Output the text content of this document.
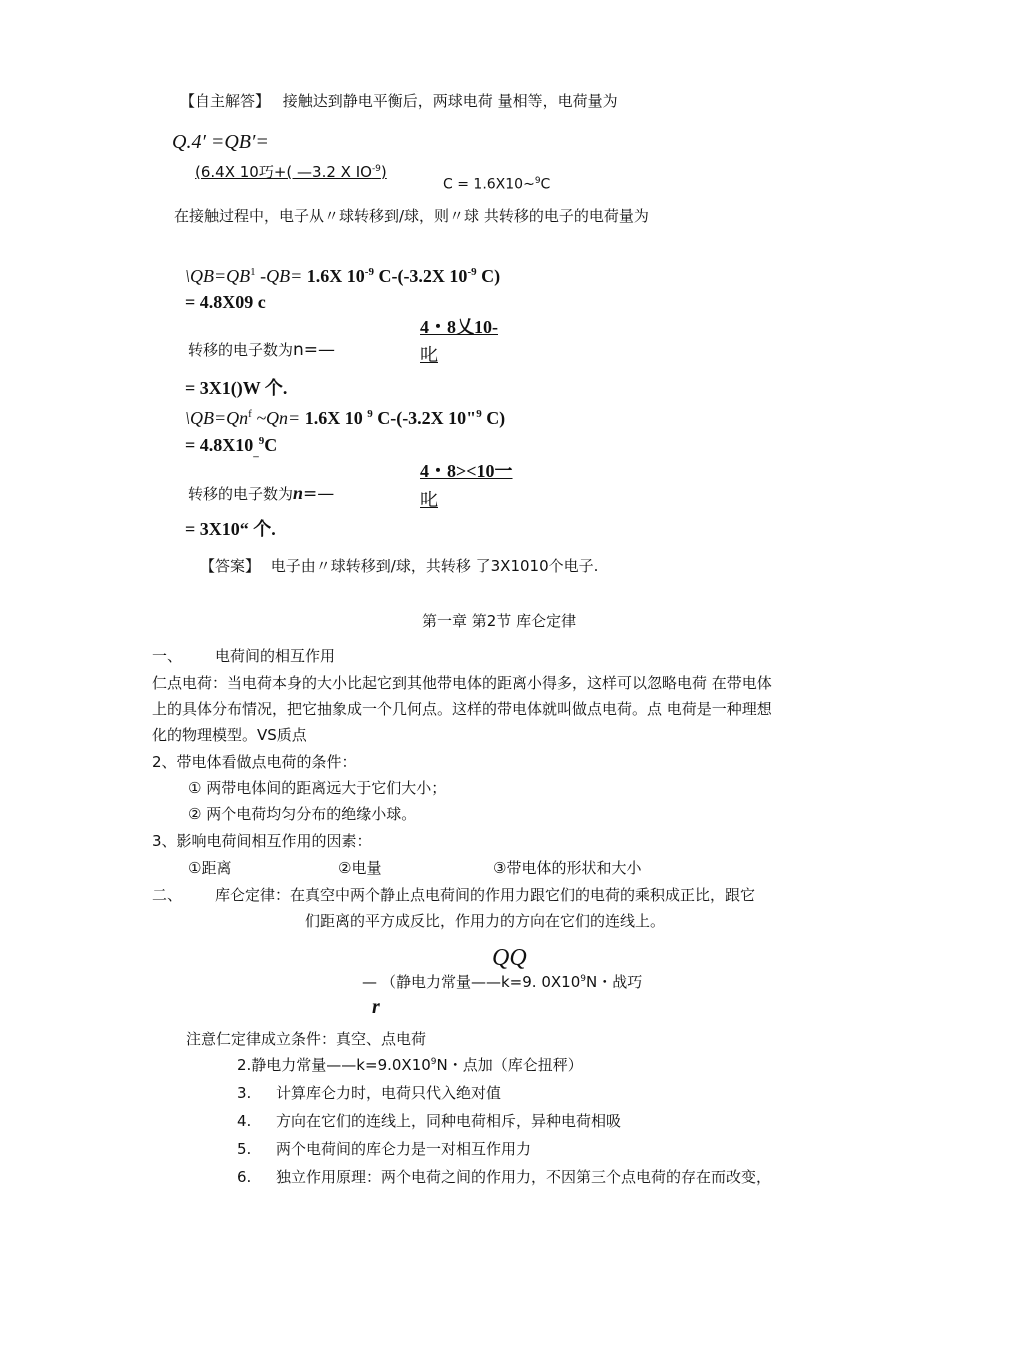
【自主解答】 接触达到静电平衡后，两球电荷 量相等，电荷量为
Q.4′ =QB′=
(6.4X 10巧+( —3.2 X $IO^{-9}$)
C = 1.6X10~$^9$C
在接触过程中，电子从〃球转移到/球，则〃球 共转移的电子的电荷量为
$\backslash QB=QB^1$ -QB= 1.6X $10^{-9}$ C-(-3.2X $10^{-9}$ C)
= 4.8X09 c
4・8乂10-
转移的电子数为n=—	叱
= 3X1()W 个.
$\backslash QB=Qn^f$ ~Qn= 1.6X 10 $^9$ C-(-3.2X 10"$^9$ C)
= $4.8X10_{\_}^9C$
4・8><10一
转移的电子数为n=—	叱
= 3X10“ 个.
【答案】 电子由〃球转移到/球，共转移 了3X1010个电子.
第一章 第2节 库仑定律
一、 电荷间的相互作用
仁点电荷：当电荷本身的大小比起它到其他带电体的距离小得多，这样可以忽略电荷 在带电体
上的具体分布情况，把它抽象成一个几何点。这样的带电体就叫做点电荷。点 电荷是一种理想
化的物理模型。VS质点
2、带电体看做点电荷的条件：
① 两带电体间的距离远大于它们大小；
② 两个电荷均匀分布的绝缘小球。
3、影响电荷间相互作用的因素：
①距离	②电量	③带电体的形状和大小
二、 库仑定律：在真空中两个静止点电荷间的作用力跟它们的电荷的乘积成正比，跟它
们距离的平方成反比，作用力的方向在它们的连线上。
QQ
— （静电力常量——k=9. $0X10^9N$・战巧
r
注意仁定律成立条件：真空、点电荷
2.静电力常量$——k=9.0X10^9N$・点加（库仑扭秤）
3. 计算库仑力时，电荷只代入绝对值
4. 方向在它们的连线上，同种电荷相斥，异种电荷相吸
5. 两个电荷间的库仑力是一对相互作用力
6. 独立作用原理：两个电荷之间的作用力，不因第三个点电荷的存在而改变，
